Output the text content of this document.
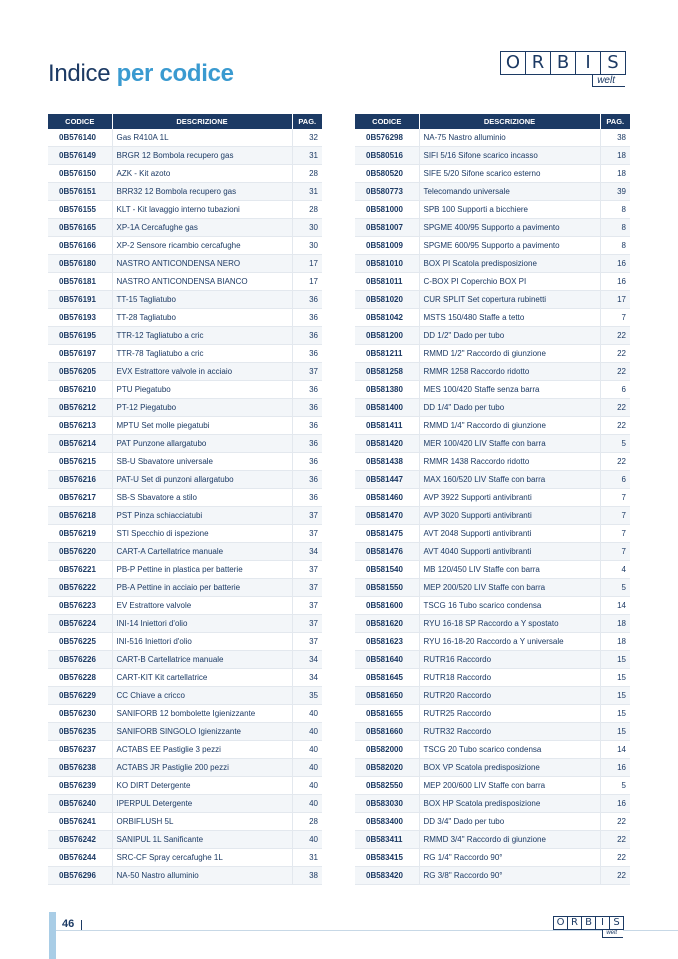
Indice per codice	O R B I S
welt
CODICE	DESCRIZIONE	PAG.
0B576140	Gas R410A 1L	32
0B576149	BRGR 12 Bombola recupero gas	31
0B576150	AZK - Kit azoto	28
0B576151	BRR32 12 Bombola recupero gas	31
0B576155	KLT - Kit lavaggio interno tubazioni	28
0B576165	XP-1A Cercafughe gas	30
0B576166	XP-2 Sensore ricambio cercafughe	30
0B576180	NASTRO ANTICONDENSA NERO	17
0B576181	NASTRO ANTICONDENSA BIANCO	17
0B576191	TT-15 Tagliatubo	36
0B576193	TT-28 Tagliatubo	36
0B576195	TTR-12 Tagliatubo a cric	36
0B576197	TTR-78 Tagliatubo a cric	36
0B576205	EVX Estrattore valvole in acciaio	37
0B576210	PTU Piegatubo	36
0B576212	PT-12 Piegatubo	36
0B576213	MPTU Set molle piegatubi	36
0B576214	PAT Punzone allargatubo	36
0B576215	SB-U Sbavatore universale	36
0B576216	PAT-U Set di punzoni allargatubo	36
0B576217	SB-S Sbavatore a stilo	36
0B576218	PST Pinza schiacciatubi	37
0B576219	STI Specchio di ispezione	37
0B576220	CART-A Cartellatrice manuale	34
0B576221	PB-P Pettine in plastica per batterie	37
0B576222	PB-A Pettine in acciaio per batterie	37
0B576223	EV Estrattore valvole	37
0B576224	INI-14 Iniettori d'olio	37
0B576225	INI-516 Iniettori d'olio	37
0B576226	CART-B Cartellatrice manuale	34
0B576228	CART-KIT Kit cartellatrice	34
0B576229	CC Chiave a cricco	35
0B576230	SANIFORB 12 bombolette Igienizzante	40
0B576235	SANIFORB SINGOLO Igienizzante	40
0B576237	ACTABS EE Pastiglie 3 pezzi	40
0B576238	ACTABS JR Pastiglie 200 pezzi	40
0B576239	KO DIRT Detergente	40
0B576240	IPERPUL Detergente	40
0B576241	ORBIFLUSH 5L	28
0B576242	SANIPUL 1L Sanificante	40
0B576244	SRC-CF Spray cercafughe 1L	31
0B576296	NA-50 Nastro alluminio	38
CODICE	DESCRIZIONE	PAG.
0B576298	NA-75 Nastro alluminio	38
0B580516	SIFI 5/16 Sifone scarico incasso	18
0B580520	SIFE 5/20 Sifone scarico esterno	18
0B580773	Telecomando universale	39
0B581000	SPB 100 Supporti a bicchiere	8
0B581007	SPGME 400/95 Supporto a pavimento	8
0B581009	SPGME 600/95 Supporto a pavimento	8
0B581010	BOX PI Scatola predisposizione	16
0B581011	C-BOX PI Coperchio BOX PI	16
0B581020	CUR SPLIT Set copertura rubinetti	17
0B581042	MSTS 150/480 Staffe a tetto	7
0B581200	DD 1/2" Dado per tubo	22
0B581211	RMMD 1/2" Raccordo di giunzione	22
0B581258	RMMR 1258 Raccordo ridotto	22
0B581380	MES 100/420 Staffe senza barra	6
0B581400	DD 1/4" Dado per tubo	22
0B581411	RMMD 1/4" Raccordo di giunzione	22
0B581420	MER 100/420 LIV Staffe con barra	5
0B581438	RMMR 1438 Raccordo ridotto	22
0B581447	MAX 160/520 LIV Staffe con barra	6
0B581460	AVP 3922 Supporti antivibranti	7
0B581470	AVP 3020 Supporti antivibranti	7
0B581475	AVT 2048 Supporti antivibranti	7
0B581476	AVT 4040 Supporti antivibranti	7
0B581540	MB 120/450 LIV Staffe con barra	4
0B581550	MEP 200/520 LIV Staffe con barra	5
0B581600	TSCG 16 Tubo scarico condensa	14
0B581620	RYU 16-18 SP Raccordo a Y spostato	18
0B581623	RYU 16-18-20 Raccordo a Y universale	18
0B581640	RUTR16 Raccordo	15
0B581645	RUTR18 Raccordo	15
0B581650	RUTR20 Raccordo	15
0B581655	RUTR25 Raccordo	15
0B581660	RUTR32 Raccordo	15
0B582000	TSCG 20 Tubo scarico condensa	14
0B582020	BOX VP Scatola predisposizione	16
0B582550	MEP 200/600 LIV Staffe con barra	5
0B583030	BOX HP Scatola predisposizione	16
0B583400	DD 3/4" Dado per tubo	22
0B583411	RMMD 3/4" Raccordo di giunzione	22
0B583415	RG 1/4" Raccordo 90°	22
0B583420	RG 3/8" Raccordo 90°	22
46	O R B I S
welt
